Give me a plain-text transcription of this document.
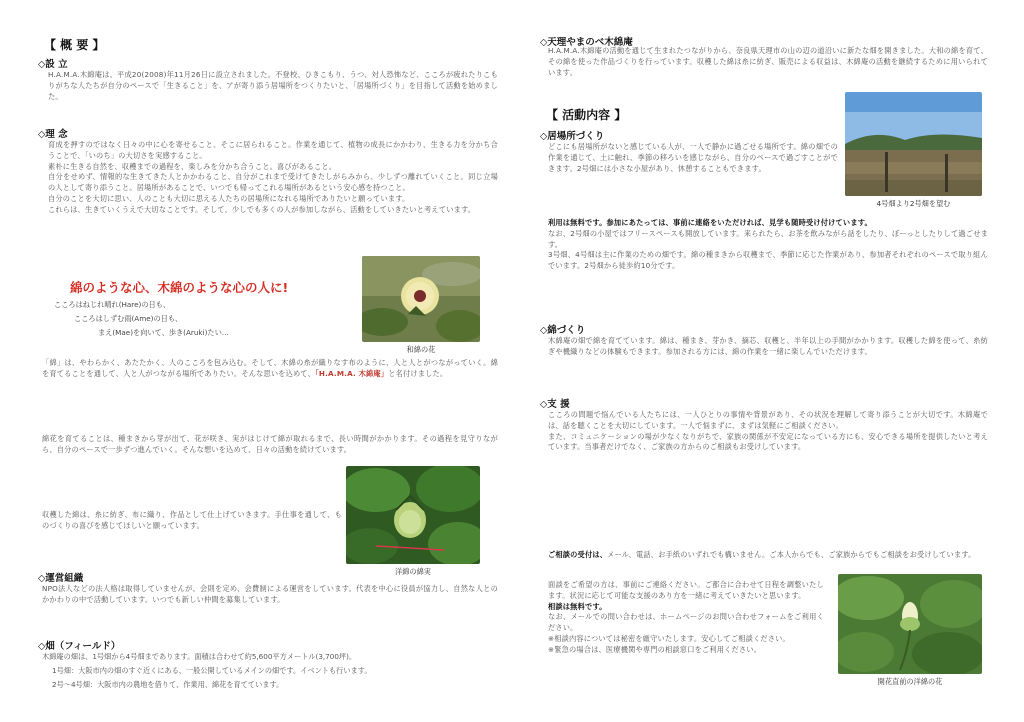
【 概 要 】
◇設 立
H.A.M.A.木綿庵は、平成20(2008)年11月26日に設立されました。不登校、ひきこもり、うつ、対人恐怖など、こころが疲れたりこもりがちな人たちが自分のペースで「生きること」を、アが寄り添う居場所をつくりたいと、「居場所づくり」を目指して活動を始めました。
◇理 念
育成を押すのではなく日々の中に心を寄せること、そこに居られること。作業を通じて、植物の成長にかかわり、生きる力を分かち合うことで、「いのち」の大切さを実感すること。
素朴に生きる自然を、収穫までの過程を、楽しみを分かち合うこと。喜びがあること。
自分をせめず、情報的な生きてきた人とかかわること、自分がこれまで受けてきたしがらみから、少しずつ離れていくこと。同じ立場の人として寄り添うこと。居場所があることで、いつでも帰ってこれる場所があるという安心感を持つこと。
自分のことを大切に思い、人のことも大切に思える人たちの居場所になれる場所でありたいと願っています。
これらは、生きていくうえで大切なことです。そして、少しでも多くの人が参加しながら、活動をしていきたいと考えています。
綿のような心、木綿のような心の人に!
こころはねじれ晴れ(Hare)の日も、
こころはしずむ雨(Ame)の日も、
まえ(Mae)を向いて、歩き(Aruki)たい…
和綿の花
「綿」は、やわらかく、あたたかく、人のこころを包み込む。そして、木綿の糸が織りなす布のように、人と人とがつながっていく。綿を育てることを通して、人と人がつながる場所でありたい。そんな思いを込めて、「H.A.M.A. 木綿庵」と名付けました。
綿花を育てることは、種まきから芽が出て、花が咲き、実がはじけて綿が取れるまで、長い時間がかかります。その過程を見守りながら、自分のペースで一歩ずつ進んでいく。そんな想いを込めて、日々の活動を続けています。
収穫した綿は、糸に紡ぎ、布に織り、作品として仕上げていきます。手仕事を通して、ものづくりの喜びを感じてほしいと願っています。
洋綿の綿実
◇運営組織
NPO法人などの法人格は取得していませんが、会則を定め、会費制による運営をしています。代表を中心に役員が協力し、自然な人とのかかわりの中で活動しています。いつでも新しい仲間を募集しています。
◇畑（フィールド）
木綿庵の畑は、1号畑から4号畑まであります。面積は合わせて約5,600平方メートル(3,700坪)。
1号畑：大阪市内の畑のすぐ近くにある、一般公開しているメインの畑です。イベントも行います。
2号〜4号畑：大阪市内の農地を借りて、作業用、綿花を育てています。
◇天理やまのべ木綿庵
H.A.M.A.木綿庵の活動を通じて生まれたつながりから、奈良県天理市の山の辺の道沿いに新たな畑を開きました。大和の綿を育て、その綿を使った作品づくりを行っています。収穫した綿は糸に紡ぎ、販売による収益は、木綿庵の活動を継続するために用いられています。
【 活動内容 】
◇居場所づくり
どこにも居場所がないと感じている人が、一人で静かに過ごせる場所です。綿の畑での作業を通じて、土に触れ、季節の移ろいを感じながら、自分のペースで過ごすことができます。2号畑には小さな小屋があり、休憩することもできます。
4号畑より2号畑を望む
利用は無料です。参加にあたっては、事前に連絡をいただければ、見学も随時受け付けています。
なお、2号畑の小屋ではフリースペースも開放しています。来られたら、お茶を飲みながら話をしたり、ぼーっとしたりして過ごせます。
3号畑、4号畑は主に作業のための畑です。綿の種まきから収穫まで、季節に応じた作業があり、参加者それぞれのペースで取り組んでいます。2号畑から徒歩約10分です。
◇綿づくり
木綿庵の畑で綿を育てています。綿は、種まき、芽かき、摘芯、収穫と、半年以上の手間がかかります。収穫した綿を使って、糸紡ぎや機織りなどの体験もできます。参加される方には、綿の作業を一緒に楽しんでいただけます。
◇支 援
こころの問題で悩んでいる人たちには、一人ひとりの事情や背景があり、その状況を理解して寄り添うことが大切です。木綿庵では、話を聴くことを大切にしています。一人で悩まずに、まずは気軽にご相談ください。
また、コミュニケーションの場が少なくなりがちで、家族の関係が不安定になっている方にも、安心できる場所を提供したいと考えています。当事者だけでなく、ご家族の方からのご相談もお受けしています。
ご相談の受付は、メール、電話、お手紙のいずれでも構いません。ご本人からでも、ご家族からでもご相談をお受けしています。
面談をご希望の方は、事前にご連絡ください。ご都合に合わせて日程を調整いたします。状況に応じて可能な支援のあり方を一緒に考えていきたいと思います。
相談は無料です。
なお、メールでの問い合わせは、ホームページのお問い合わせフォームをご利用ください。
※相談内容については秘密を厳守いたします。安心してご相談ください。
※緊急の場合は、医療機関や専門の相談窓口をご利用ください。
開花直前の洋綿の花
